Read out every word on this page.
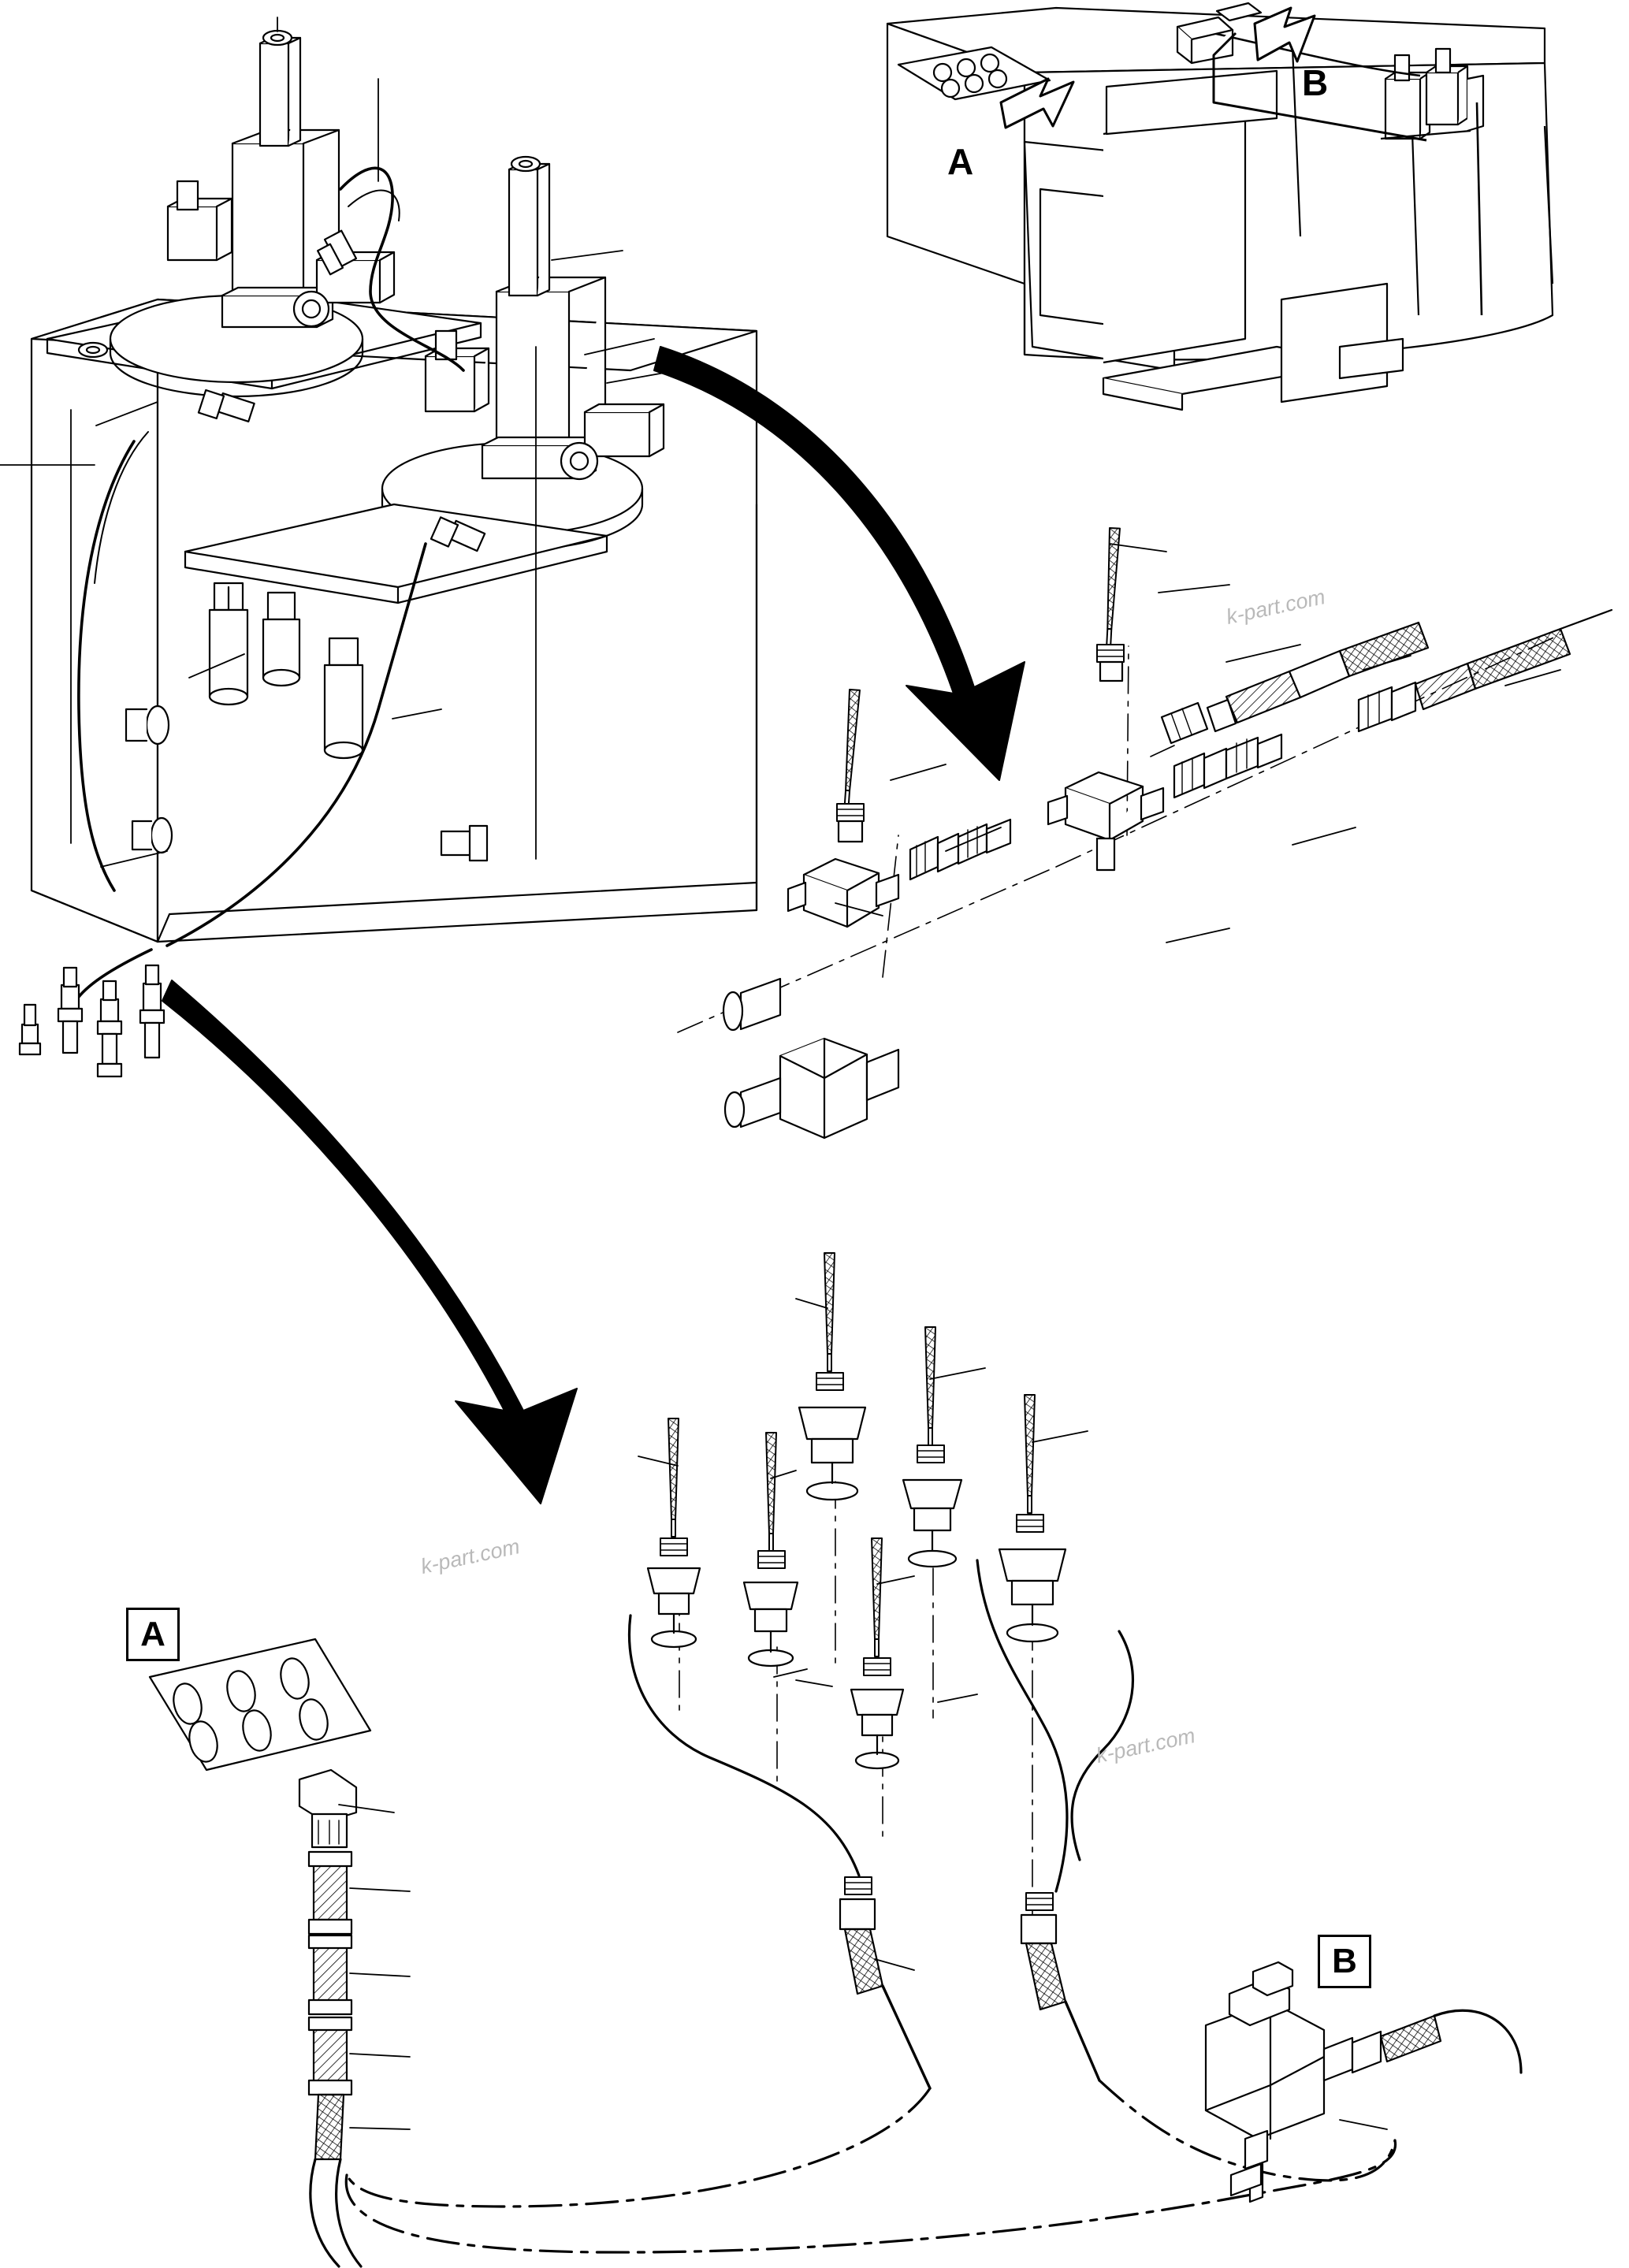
A
B
A
B
k-part.com
k-part.com
k-part.com
